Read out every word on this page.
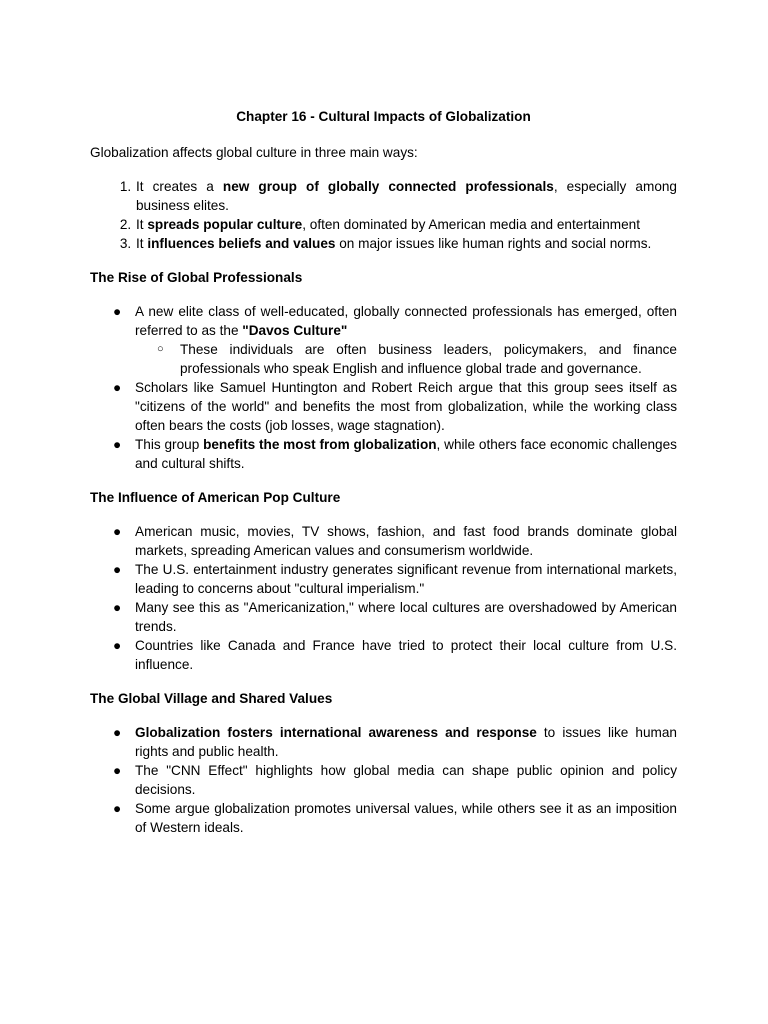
Chapter 16 - Cultural Impacts of Globalization

Globalization affects global culture in three main ways:

1. It creates a new group of globally connected professionals, especially among business elites.
2. It spreads popular culture, often dominated by American media and entertainment
3. It influences beliefs and values on major issues like human rights and social norms.

The Rise of Global Professionals

● A new elite class of well-educated, globally connected professionals has emerged, often referred to as the "Davos Culture"
○ These individuals are often business leaders, policymakers, and finance professionals who speak English and influence global trade and governance.
● Scholars like Samuel Huntington and Robert Reich argue that this group sees itself as "citizens of the world" and benefits the most from globalization, while the working class often bears the costs (job losses, wage stagnation).
● This group benefits the most from globalization, while others face economic challenges and cultural shifts.

The Influence of American Pop Culture

● American music, movies, TV shows, fashion, and fast food brands dominate global markets, spreading American values and consumerism worldwide.
● The U.S. entertainment industry generates significant revenue from international markets, leading to concerns about "cultural imperialism."
● Many see this as "Americanization," where local cultures are overshadowed by American trends.
● Countries like Canada and France have tried to protect their local culture from U.S. influence.

The Global Village and Shared Values

● Globalization fosters international awareness and response to issues like human rights and public health.
● The "CNN Effect" highlights how global media can shape public opinion and policy decisions.
● Some argue globalization promotes universal values, while others see it as an imposition of Western ideals.
